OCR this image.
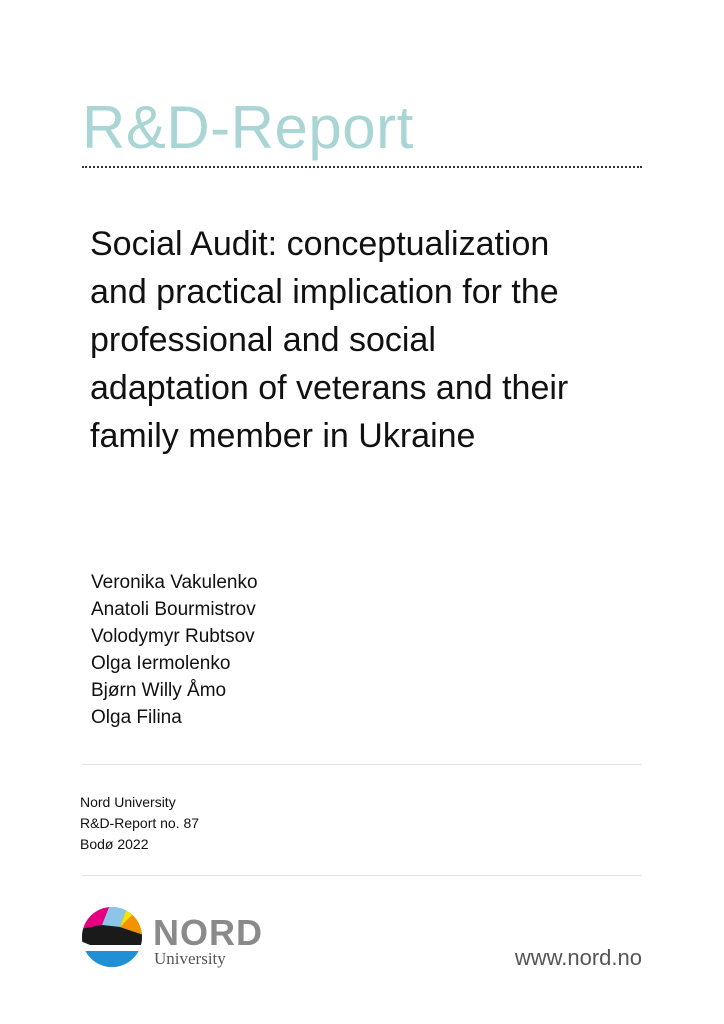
R&D-Report
Social Audit: conceptualization
and practical implication for the
professional and social
adaptation of veterans and their
family member in Ukraine
Veronika Vakulenko
Anatoli Bourmistrov
Volodymyr Rubtsov
Olga Iermolenko
Bjørn Willy Åmo
Olga Filina
Nord University
R&D-Report no. 87
Bodø 2022
NORD
University	www.nord.no
